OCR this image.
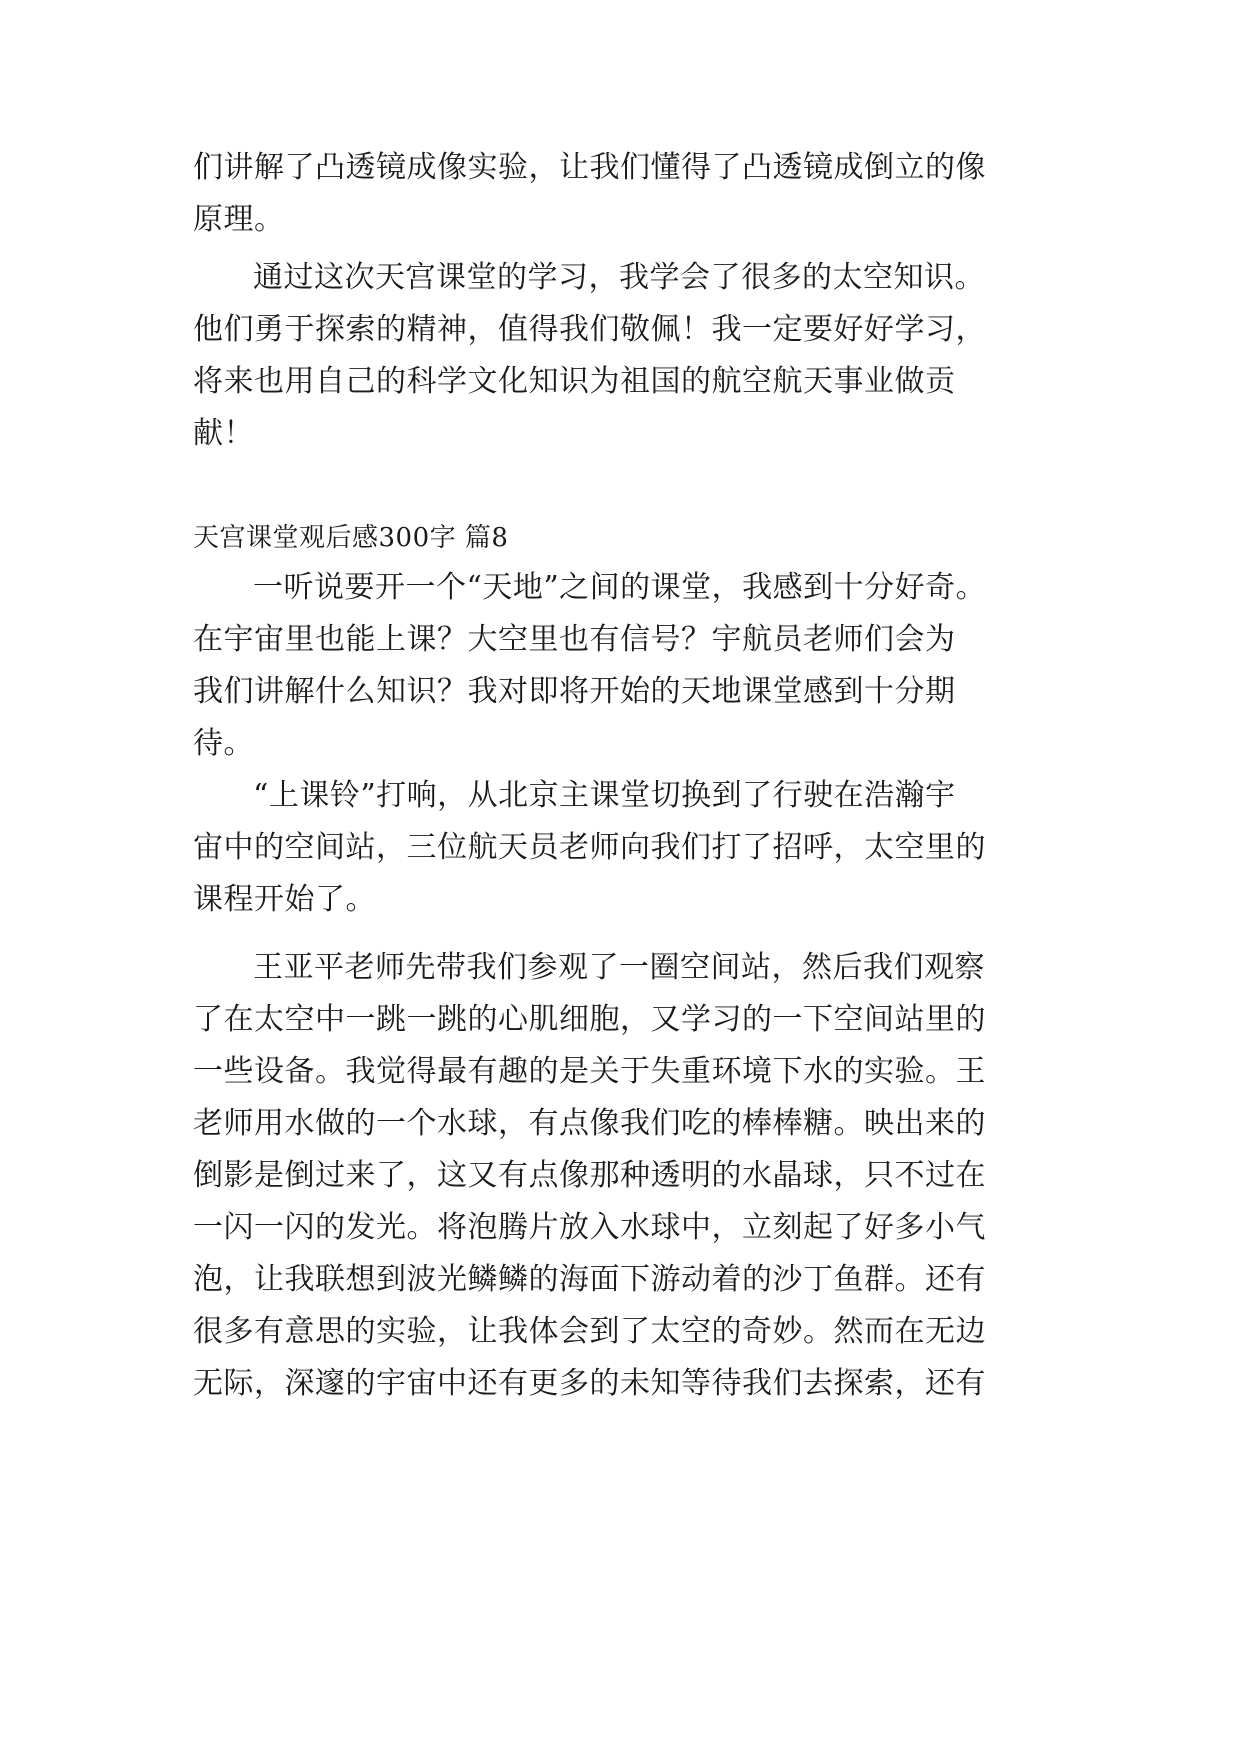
们讲解了凸透镜成像实验，让我们懂得了凸透镜成倒立的像
原理。
通过这次天宫课堂的学习，我学会了很多的太空知识。
他们勇于探索的精神，值得我们敬佩！我一定要好好学习，
将来也用自己的科学文化知识为祖国的航空航天事业做贡
献！
天宫课堂观后感300字 篇8
一听说要开一个“天地”之间的课堂，我感到十分好奇。
在宇宙里也能上课？大空里也有信号？宇航员老师们会为
我们讲解什么知识？我对即将开始的天地课堂感到十分期
待。
“上课铃”打响，从北京主课堂切换到了行驶在浩瀚宇
宙中的空间站，三位航天员老师向我们打了招呼，太空里的
课程开始了。
王亚平老师先带我们参观了一圈空间站，然后我们观察
了在太空中一跳一跳的心肌细胞，又学习的一下空间站里的
一些设备。我觉得最有趣的是关于失重环境下水的实验。王
老师用水做的一个水球，有点像我们吃的棒棒糖。映出来的
倒影是倒过来了，这又有点像那种透明的水晶球，只不过在
一闪一闪的发光。将泡腾片放入水球中，立刻起了好多小气
泡，让我联想到波光鳞鳞的海面下游动着的沙丁鱼群。还有
很多有意思的实验，让我体会到了太空的奇妙。然而在无边
无际，深邃的宇宙中还有更多的未知等待我们去探索，还有
